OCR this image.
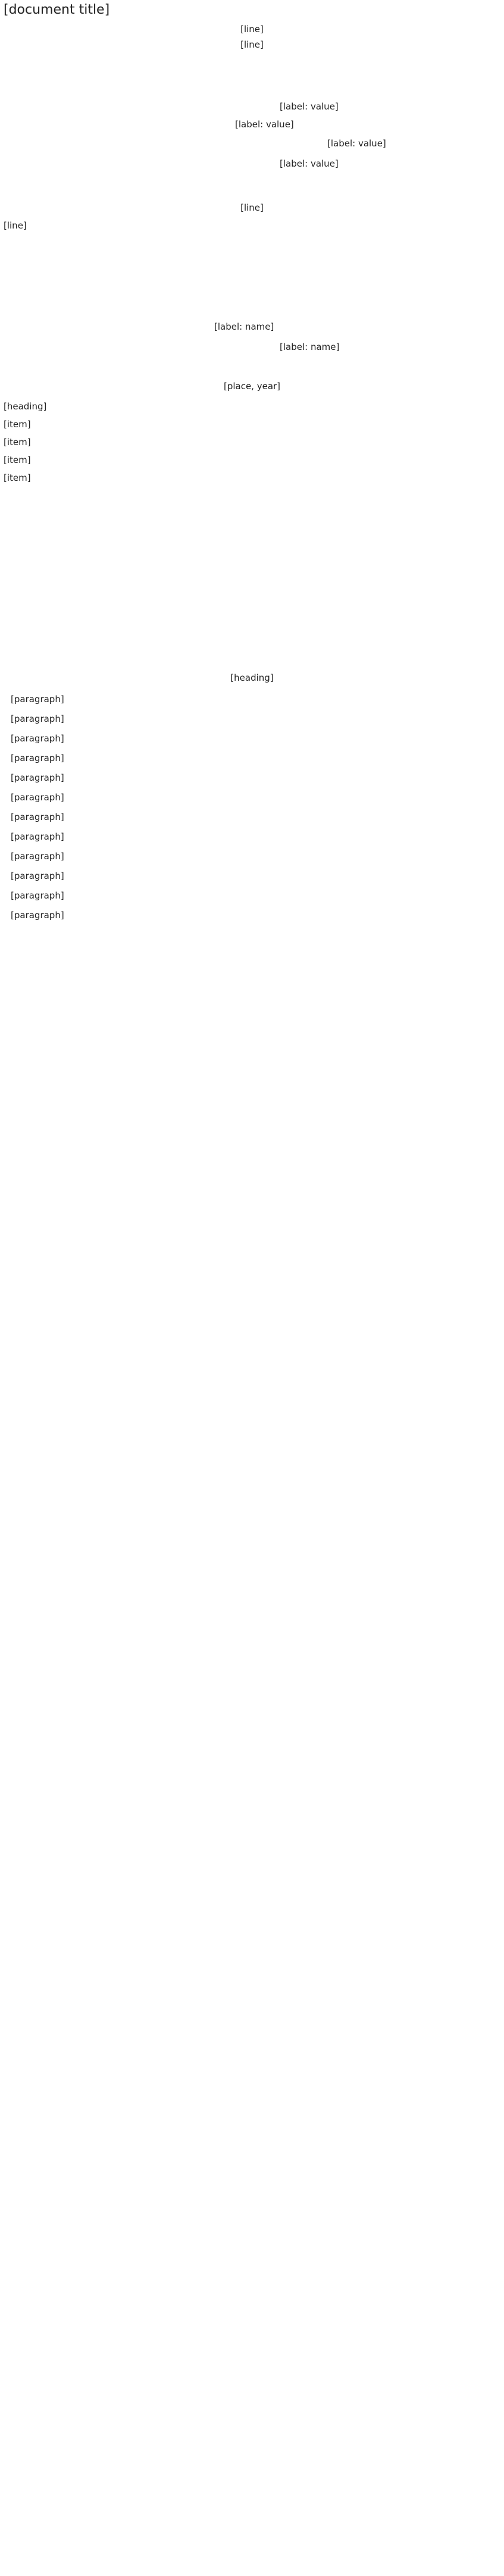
[document title]
[line]
[line]
[label: value]
[label: value]
[label: value]
[label: value]
[line]
[line]
[label: name]
[label: name]
[place, year]
[heading]
[item]
[item]
[item]
[item]
[heading]

[paragraph]

[paragraph]

[paragraph]

[paragraph]

[paragraph]

[paragraph]

[paragraph]

[paragraph]

[paragraph]

[paragraph]

[paragraph]

[paragraph]
